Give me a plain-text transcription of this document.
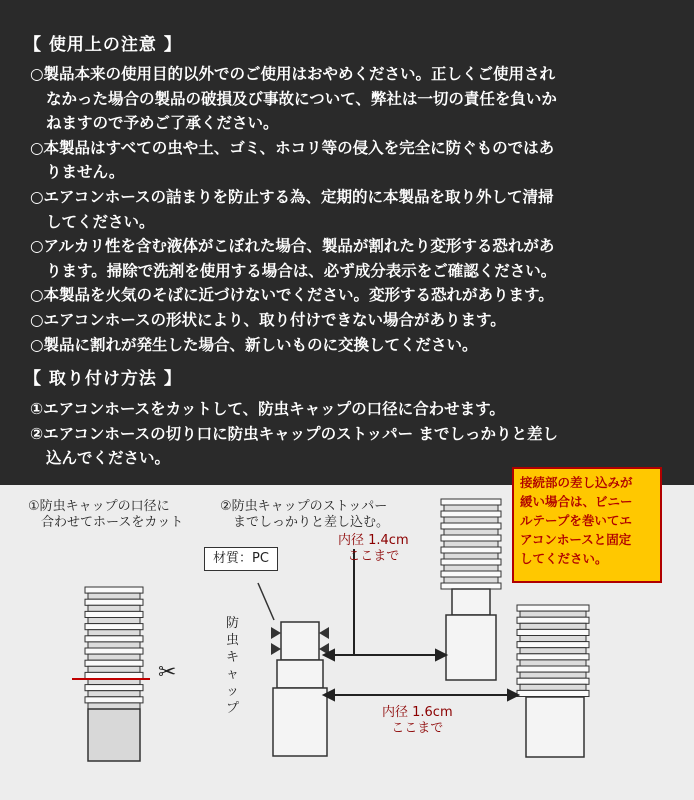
【 使用上の注意 】
○製品本来の使用目的以外でのご使用はおやめください。正しくご使用され
なかった場合の製品の破損及び事故について、弊社は一切の責任を負いか
ねますので予めご了承ください。
○本製品はすべての虫や土、ゴミ、ホコリ等の侵入を完全に防ぐものではあ
りません。
○エアコンホースの詰まりを防止する為、定期的に本製品を取り外して清掃
してください。
○アルカリ性を含む液体がこぼれた場合、製品が割れたり変形する恐れがあ
ります。掃除で洗剤を使用する場合は、必ず成分表示をご確認ください。
○本製品を火気のそばに近づけないでください。変形する恐れがあります。
○エアコンホースの形状により、取り付けできない場合があります。
○製品に割れが発生した場合、新しいものに交換してください。
【 取り付け方法 】
①エアコンホースをカットして、防虫キャップの口径に合わせます。
②エアコンホースの切り口に防虫キャップのストッパー までしっかりと差し
込んでください。
①防虫キャップの口径に
　合わせてホースをカット
②防虫キャップのストッパー
　までしっかりと差し込む。
材質：PC
防
虫
キ
ャ
ッ
プ
内径 1.4cm
ここまで
内径 1.6cm
ここまで
✂
接続部の差し込みが
緩い場合は、ビニー
ルテープを巻いてエ
アコンホースと固定
してください。
